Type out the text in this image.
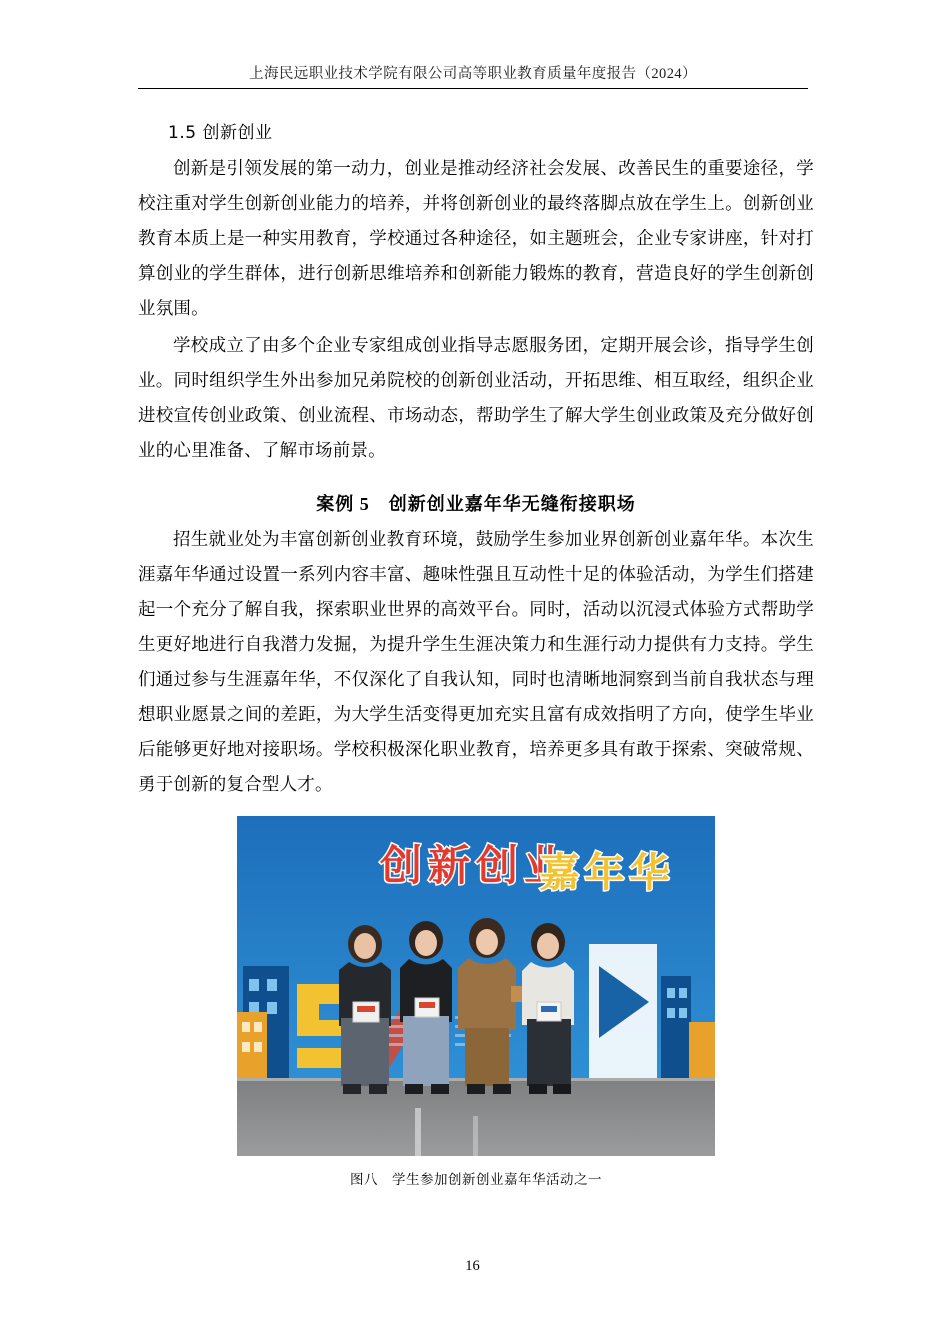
上海民远职业技术学院有限公司高等职业教育质量年度报告（2024）
1.5 创新创业

创新是引领发展的第一动力，创业是推动经济社会发展、改善民生的重要途径，学校注重对学生创新创业能力的培养，并将创新创业的最终落脚点放在学生上。创新创业教育本质上是一种实用教育，学校通过各种途径，如主题班会，企业专家讲座，针对打算创业的学生群体，进行创新思维培养和创新能力锻炼的教育，营造良好的学生创新创业氛围。

学校成立了由多个企业专家组成创业指导志愿服务团，定期开展会诊，指导学生创业。同时组织学生外出参加兄弟院校的创新创业活动，开拓思维、相互取经，组织企业进校宣传创业政策、创业流程、市场动态，帮助学生了解大学生创业政策及充分做好创业的心里准备、了解市场前景。

案例 5　创新创业嘉年华无缝衔接职场

招生就业处为丰富创新创业教育环境，鼓励学生参加业界创新创业嘉年华。本次生涯嘉年华通过设置一系列内容丰富、趣味性强且互动性十足的体验活动，为学生们搭建起一个充分了解自我，探索职业世界的高效平台。同时，活动以沉浸式体验方式帮助学生更好地进行自我潜力发掘，为提升学生生涯决策力和生涯行动力提供有力支持。学生们通过参与生涯嘉年华，不仅深化了自我认知，同时也清晰地洞察到当前自我状态与理想职业愿景之间的差距，为大学生活变得更加充实且富有成效指明了方向，使学生毕业后能够更好地对接职场。学校积极深化职业教育，培养更多具有敢于探索、突破常规、勇于创新的复合型人才。

创新创业
嘉年华
图八　学生参加创新创业嘉年华活动之一
16
